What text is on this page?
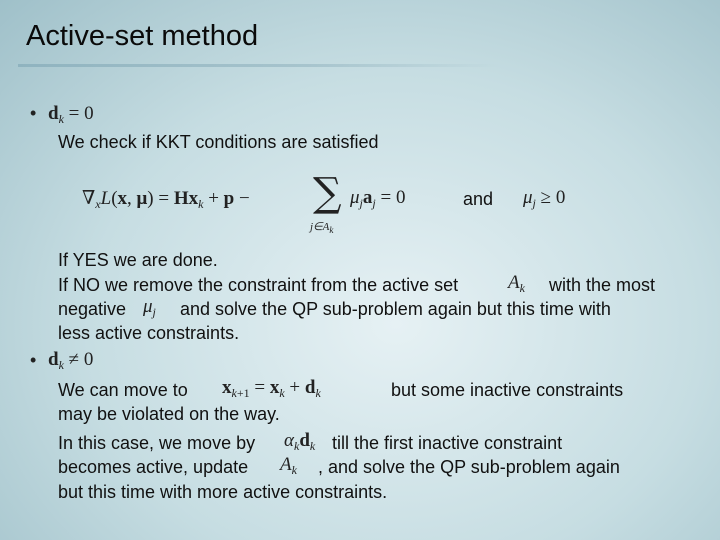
Active-set method
• $d_k = 0$
We check if KKT conditions are satisfied
$\nabla_xL(x$, $\mu) = Hx_k + p$ − ∑
$j\in A_k$
$\mu_ja_j = 0$	and $\mu_j \ge 0$
If YES we are done.
If NO we remove the constraint from the active set	$A_k$ with the most
negative $\mu_j$ and solve the QP sub-problem again but this time with
less active constraints.
• $d_k \ne 0$
We can move to $x_{k+1} = x_k + d_k$	but some inactive constraints
may be violated on the way.
In this case, we move by $\alpha_kd_k$ till the first inactive constraint
becomes active, update $A_k$ , and solve the QP sub-problem again
but this time with more active constraints.
